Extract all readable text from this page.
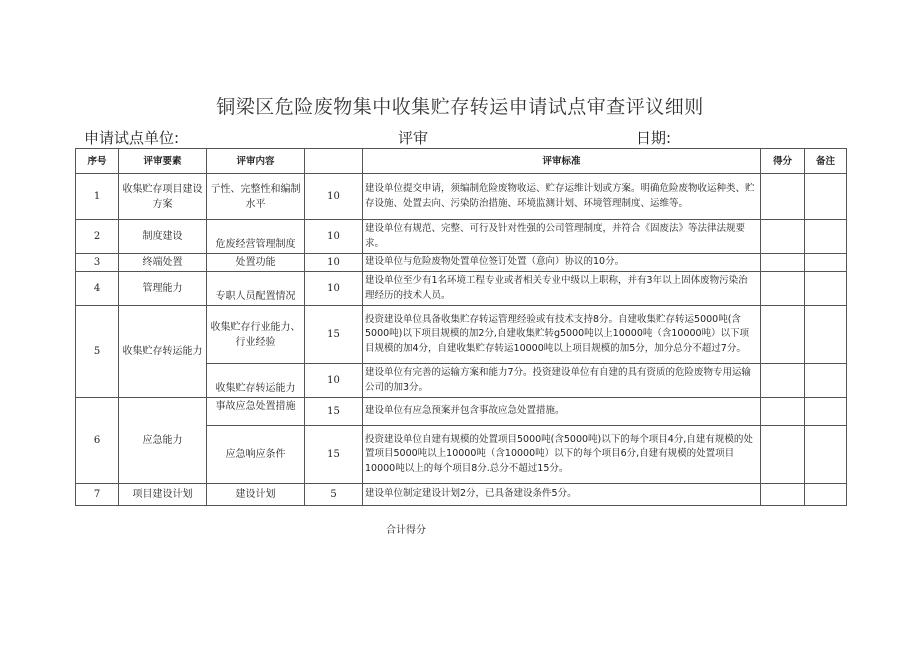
铜梁区危险废物集中收集贮存转运申请试点审查评议细则
申请试点单位:	评审	日期:
序号	评审要素	评审内容		评审标准	得分	备注
1	收集贮存项目建设方案	亍性、完整性和编制水平	10	建设单位提交申请，须编制危险废物收运、贮存运维计划或方案。明确危险废物收运种类、贮存设施、处置去向、污染防治措施、环境监测计划、环境管理制度、运维等。		
2	制度建设	危废经营管理制度	10	建设单位有规范、完整、可行及针对性强的公司管理制度，并符合《固废法》等法律法规要求。		
3	终端处置	处置功能	10	建设单位与危险废物处置单位签订处置（意向）协议的10分。		
4	管理能力	专职人员配置情况	10	建设单位至少有1名环境工程专业或者相关专业中级以上职称，并有3年以上固体废物污染治理经历的技术人员。		
5	收集贮存转运能力	收集贮存行业能力、行业经验	15	投资建设单位具备收集贮存转运管理经验或有技术支持8分。自建收集贮存转运5000吨(含5000吨)以下项目规模的加2分,自建收集贮转g5000吨以上10000吨（含10000吨）以下项目规模的加4分，自建收集贮存转运10000吨以上项目规模的加5分，加分总分不超过7分。		
		收集贮存转运能力	10	建设单位有完善的运输方案和能力7分。投资建设单位有自建的具有资质的危险废物专用运输公司的加3分。		
6	应急能力	事故应急处置措施	15	建设单位有应急预案并包含事故应急处置措施。		
		应急响应条件	15	投资建设单位自建有规模的处置项目5000吨(含5000吨)以下的每个项目4分,自建有规模的处置项目5000吨以上10000吨（含10000吨）以下的每个项目6分,自建有规模的处置项目10000吨以上的每个项目8分.总分不超过15分。		
7	项目建设计划	建设计划	5	建设单位制定建设计划2分，已具备建设条件5分。		
合计得分
